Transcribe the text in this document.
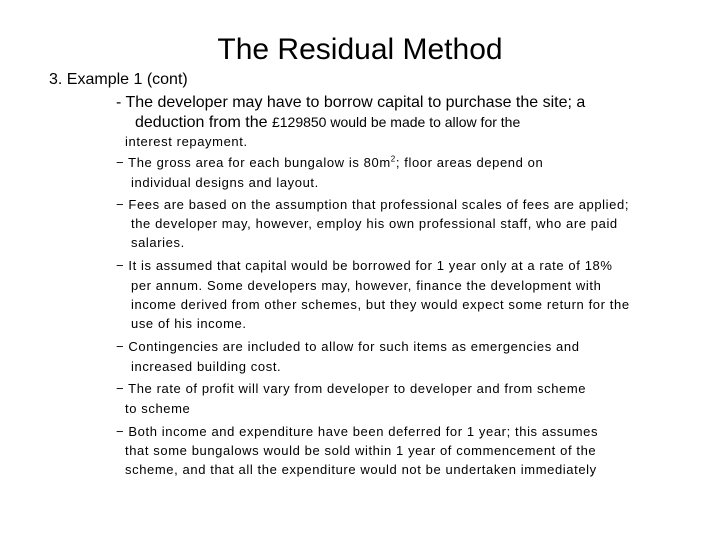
The Residual Method
3. Example 1 (cont)
- The developer may have to borrow capital to purchase the site; a
deduction from the £129850 would be made to allow for the
interest repayment.
− The gross area for each bungalow is $80m^2$; floor areas depend on
individual designs and layout.
− Fees are based on the assumption that professional scales of fees are applied;
the developer may, however, employ his own professional staff, who are paid
salaries.
− It is assumed that capital would be borrowed for 1 year only at a rate of 18%
per annum. Some developers may, however, finance the development with
income derived from other schemes, but they would expect some return for the
use of his income.
− Contingencies are included to allow for such items as emergencies and
increased building cost.
− The rate of profit will vary from developer to developer and from scheme
to scheme
− Both income and expenditure have been deferred for 1 year; this assumes
that some bungalows would be sold within 1 year of commencement of the
scheme, and that all the expenditure would not be undertaken immediately
